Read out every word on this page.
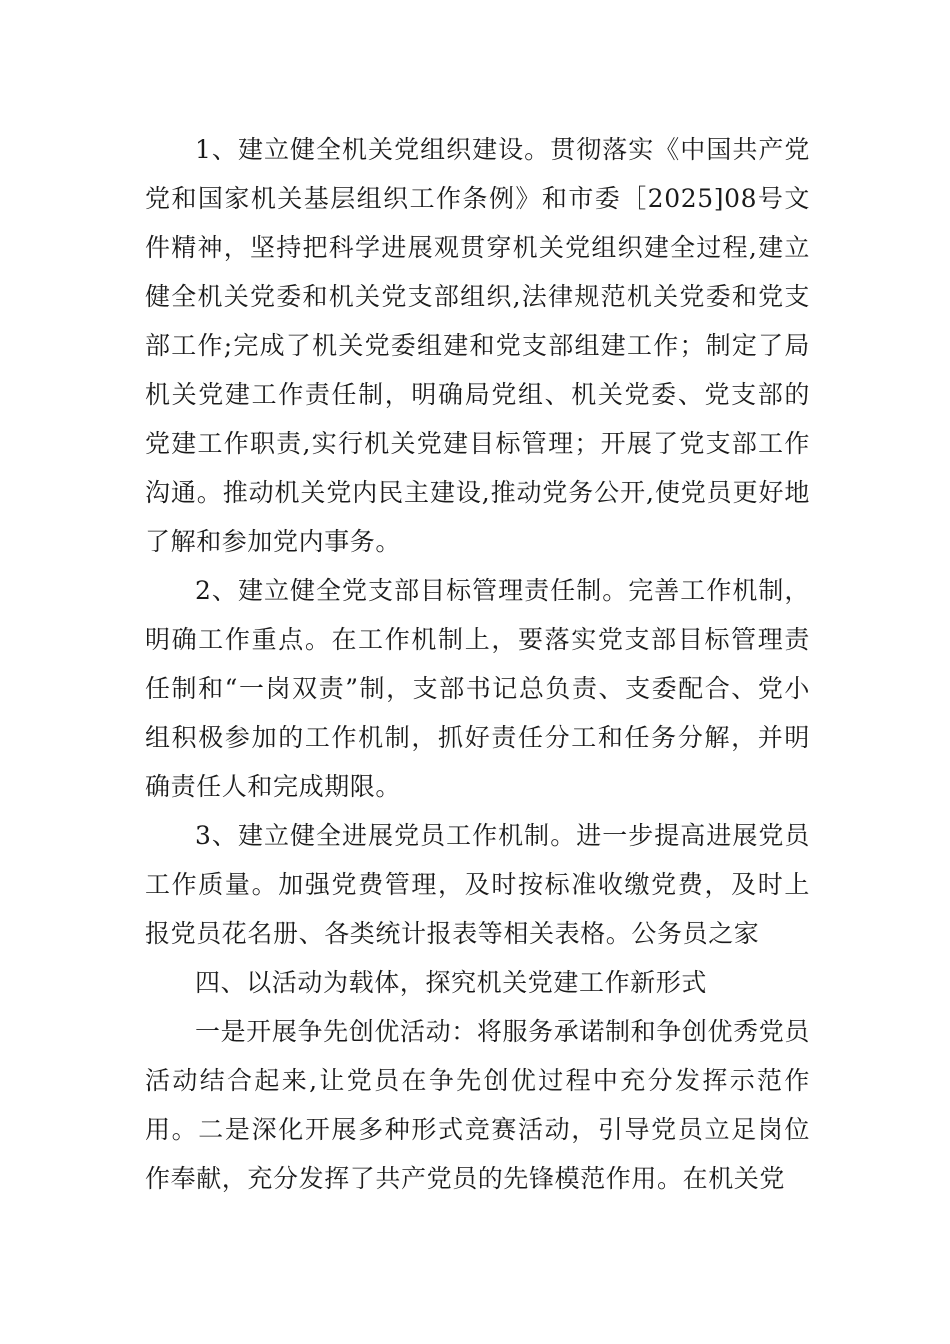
1、建立健全机关党组织建设。贯彻落实《中国共产党党和国家机关基层组织工作条例》和市委［2025]08号文件精神，坚持把科学进展观贯穿机关党组织建全过程,建立健全机关党委和机关党支部组织,法律规范机关党委和党支部工作;完成了机关党委组建和党支部组建工作；制定了局机关党建工作责任制，明确局党组、机关党委、党支部的党建工作职责,实行机关党建目标管理；开展了党支部工作沟通。推动机关党内民主建设,推动党务公开,使党员更好地了解和参加党内事务。

2、建立健全党支部目标管理责任制。完善工作机制，明确工作重点。在工作机制上，要落实党支部目标管理责任制和“一岗双责”制，支部书记总负责、支委配合、党小组积极参加的工作机制，抓好责任分工和任务分解，并明确责任人和完成期限。

3、建立健全进展党员工作机制。进一步提高进展党员工作质量。加强党费管理，及时按标准收缴党费，及时上报党员花名册、各类统计报表等相关表格。公务员之家

四、以活动为载体，探究机关党建工作新形式

一是开展争先创优活动：将服务承诺制和争创优秀党员活动结合起来,让党员在争先创优过程中充分发挥示范作用。二是深化开展多种形式竞赛活动，引导党员立足岗位作奉献，充分发挥了共产党员的先锋模范作用。在机关党
